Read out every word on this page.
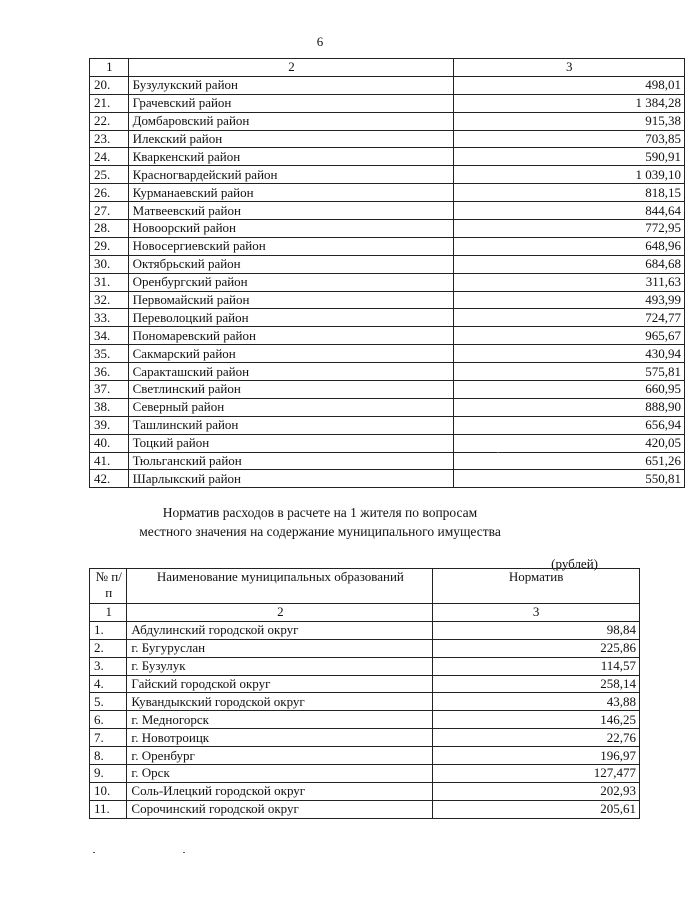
6
1	2	3
20.	Бузулукский район	498,01
21.	Грачевский район	1 384,28
22.	Домбаровский район	915,38
23.	Илекский район	703,85
24.	Кваркенский район	590,91
25.	Красногвардейский район	1 039,10
26.	Курманаевский район	818,15
27.	Матвеевский район	844,64
28.	Новоорский район	772,95
29.	Новосергиевский район	648,96
30.	Октябрьский район	684,68
31.	Оренбургский район	311,63
32.	Первомайский район	493,99
33.	Переволоцкий район	724,77
34.	Пономаревский район	965,67
35.	Сакмарский район	430,94
36.	Саракташский район	575,81
37.	Светлинский район	660,95
38.	Северный район	888,90
39.	Ташлинский район	656,94
40.	Тоцкий район	420,05
41.	Тюльганский район	651,26
42.	Шарлыкский район	550,81
Норматив расходов в расчете на 1 жителя по вопросам
местного значения на содержание муниципального имущества
(рублей)
№ п/п	Наименование муниципальных образований	Норматив
1	2	3
1.	Абдулинский городской округ	98,84
2.	г. Бугуруслан	225,86
3.	г. Бузулук	114,57
4.	Гайский городской округ	258,14
5.	Кувандыкский городской округ	43,88
6.	г. Медногорск	146,25
7.	г. Новотроицк	22,76
8.	г. Оренбург	196,97
9.	г. Орск	127,477
10.	Соль-Илецкий городской округ	202,93
11.	Сорочинский городской округ	205,61
